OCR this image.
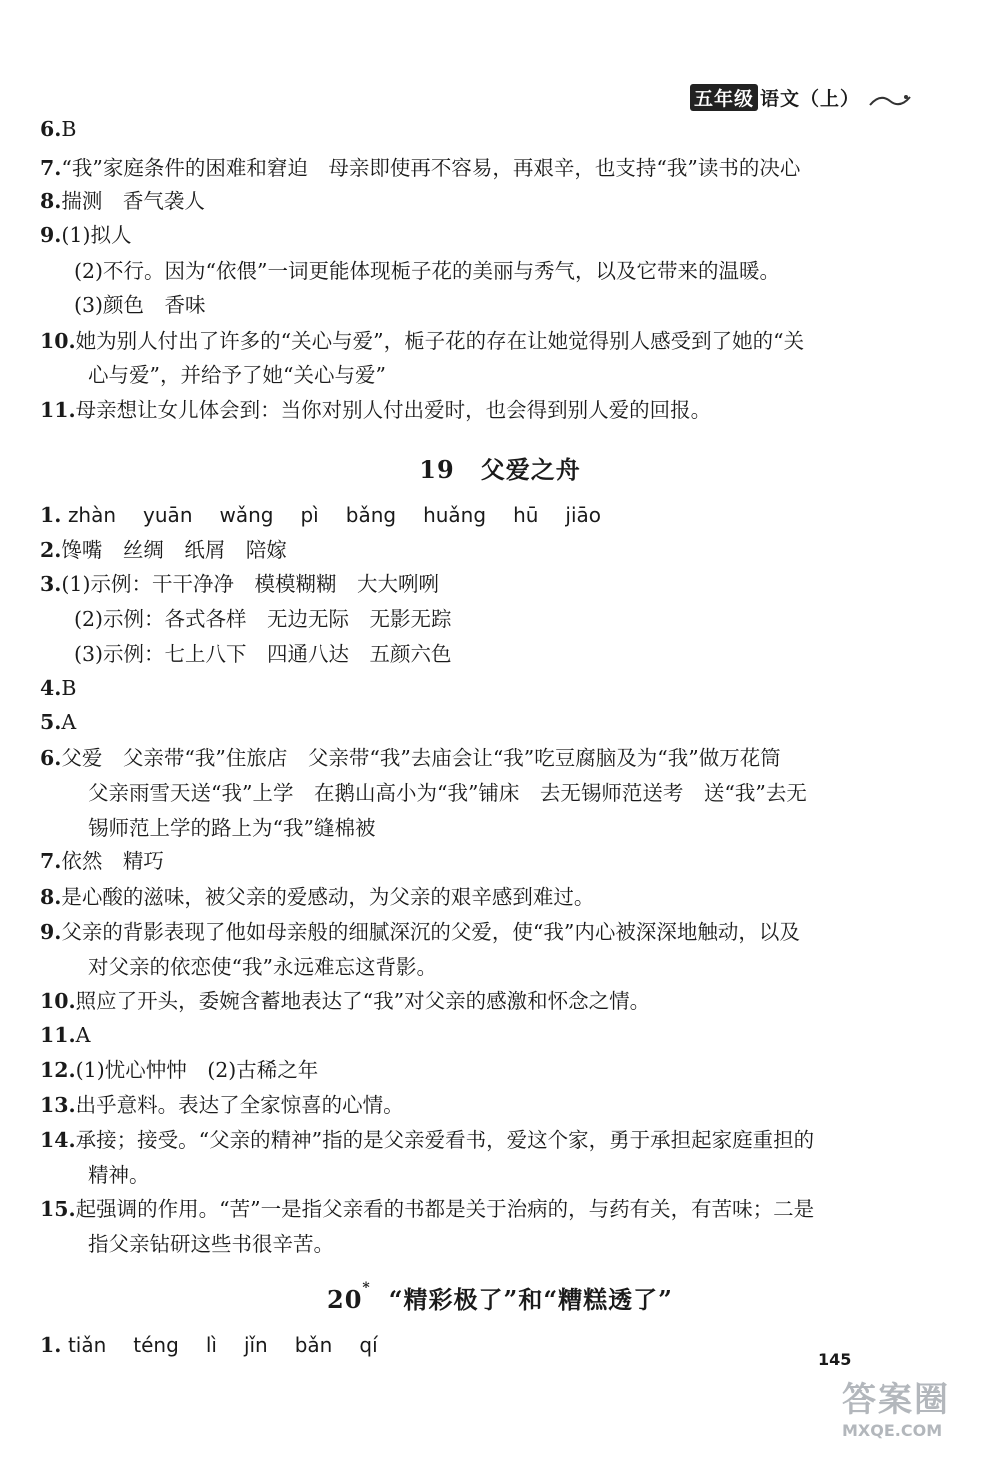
五年级 语文（上）
6.B
7.“我”家庭条件的困难和窘迫　母亲即使再不容易，再艰辛，也支持“我”读书的决心
8.揣测　香气袭人
9.(1)拟人
(2)不行。因为“依偎”一词更能体现栀子花的美丽与秀气，以及它带来的温暖。
(3)颜色　香味
10.她为别人付出了许多的“关心与爱”，栀子花的存在让她觉得别人感受到了她的“关
心与爱”，并给予了她“关心与爱”
11.母亲想让女儿体会到：当你对别人付出爱时，也会得到别人爱的回报。
19 父爱之舟
1. zhàn yuān wǎng pì bǎng huǎng hū jiāo
2.馋嘴　丝绸　纸屑　陪嫁
3.(1)示例：干干净净　模模糊糊　大大咧咧
(2)示例：各式各样　无边无际　无影无踪
(3)示例：七上八下　四通八达　五颜六色
4.B
5.A
6.父爱　父亲带“我”住旅店　父亲带“我”去庙会让“我”吃豆腐脑及为“我”做万花筒
父亲雨雪天送“我”上学　在鹅山高小为“我”铺床　去无锡师范送考　送“我”去无
锡师范上学的路上为“我”缝棉被
7.依然　精巧
8.是心酸的滋味，被父亲的爱感动，为父亲的艰辛感到难过。
9.父亲的背影表现了他如母亲般的细腻深沉的父爱，使“我”内心被深深地触动，以及
对父亲的依恋使“我”永远难忘这背影。
10.照应了开头，委婉含蓄地表达了“我”对父亲的感激和怀念之情。
11.A
12.(1)忧心忡忡　(2)古稀之年
13.出乎意料。表达了全家惊喜的心情。
14.承接；接受。“父亲的精神”指的是父亲爱看书，爱这个家，勇于承担起家庭重担的
精神。
15.起强调的作用。“苦”一是指父亲看的书都是关于治病的，与药有关，有苦味；二是
指父亲钻研这些书很辛苦。
20* “精彩极了”和“糟糕透了”
1. tiǎn téng lì jǐn bǎn qí
145
答案圈
MXQE.COM
